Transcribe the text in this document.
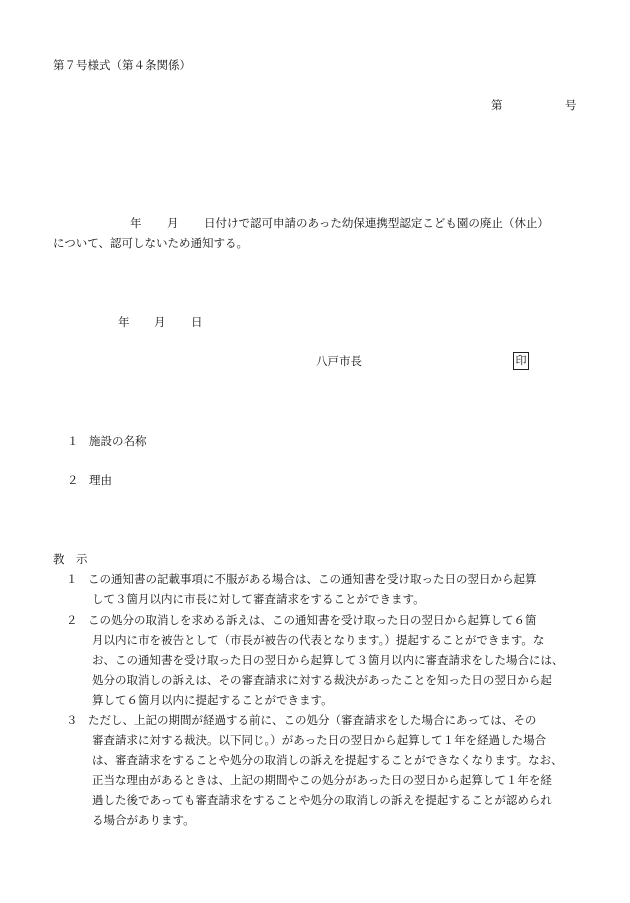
第７号様式（第４条関係）
第	号
年 月 日付けで認可申請のあった幼保連携型認定こども園の廃止（休止）
について、認可しないため通知する。
年 月 日
八戸市長	印
１ 施設の名称
２ 理由
教　示
１ この通知書の記載事項に不服がある場合は、この通知書を受け取った日の翌日から起算
して３箇月以内に市長に対して審査請求をすることができます。
２ この処分の取消しを求める訴えは、この通知書を受け取った日の翌日から起算して６箇
月以内に市を被告として（市長が被告の代表となります。）提起することができます。な
お、この通知書を受け取った日の翌日から起算して３箇月以内に審査請求をした場合には、
処分の取消しの訴えは、その審査請求に対する裁決があったことを知った日の翌日から起
算して６箇月以内に提起することができます。
３ ただし、上記の期間が経過する前に、この処分（審査請求をした場合にあっては、その
審査請求に対する裁決。以下同じ。）があった日の翌日から起算して１年を経過した場合
は、審査請求をすることや処分の取消しの訴えを提起することができなくなります。なお、
正当な理由があるときは、上記の期間やこの処分があった日の翌日から起算して１年を経
過した後であっても審査請求をすることや処分の取消しの訴えを提起することが認められ
る場合があります。
